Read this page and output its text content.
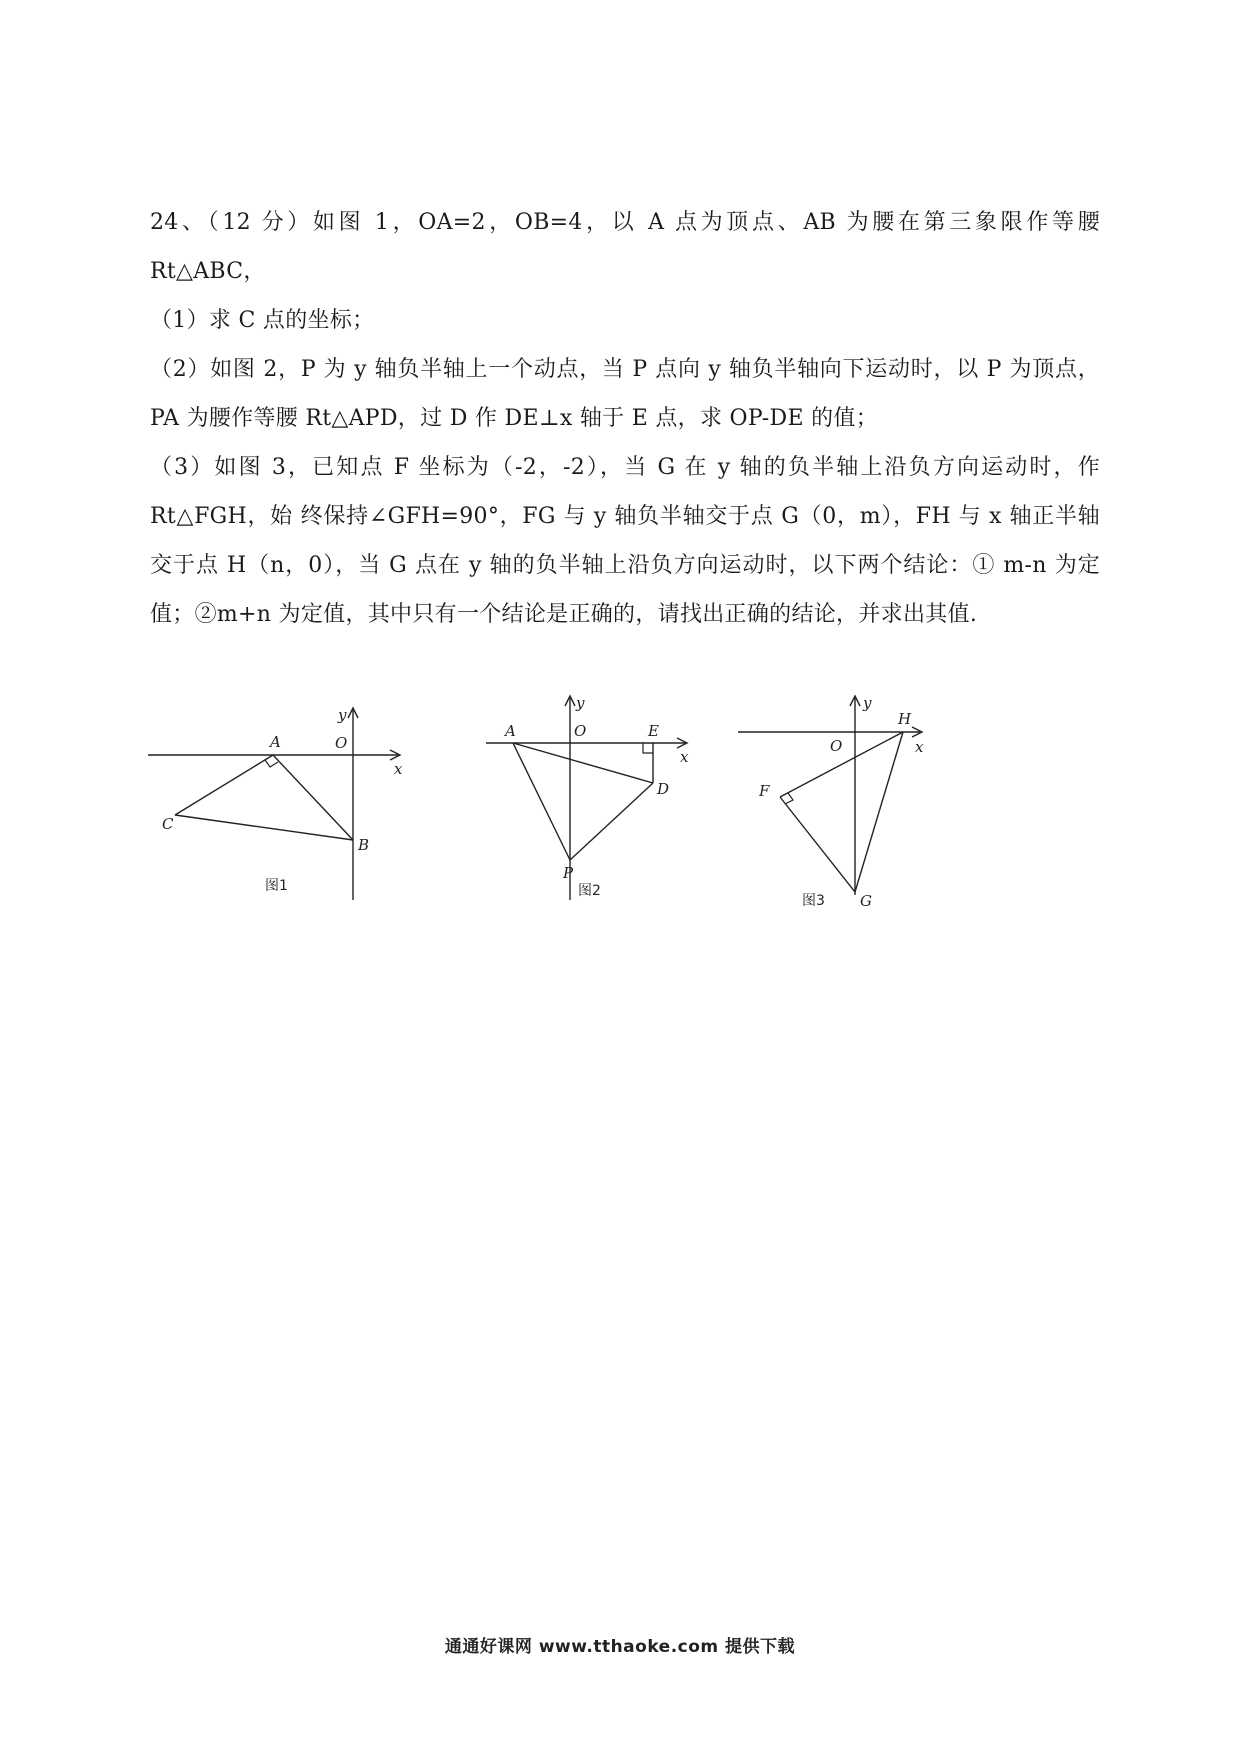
24、（12 分）如图 1，OA=2，OB=4，以 A 点为顶点、AB 为腰在第三象限作等腰 Rt△ABC，

（1）求 C 点的坐标；

（2）如图 2，P 为 y 轴负半轴上一个动点，当 P 点向 y 轴负半轴向下运动时，以 P 为顶点，PA 为腰作等腰 Rt△APD，过 D 作 DE⊥x 轴于 E 点，求 OP-DE 的值；

（3）如图 3，已知点 F 坐标为（-2，-2），当 G 在 y 轴的负半轴上沿负方向运动时，作 Rt△FGH，始 终保持∠GFH=90°，FG 与 y 轴负半轴交于点 G（0，m），FH 与 x 轴正半轴交于点 H（n，0），当 G 点在 y 轴的负半轴上沿负方向运动时，以下两个结论：① m-n 为定值；②m+n 为定值，其中只有一个结论是正确的，请找出正确的结论，并求出其值.

y
x
O
A
C
B
图1
y
x
O
A	E
D
P
图2
y
x
O
H
F
G
图3
通通好课网 www.tthaoke.com 提供下载
